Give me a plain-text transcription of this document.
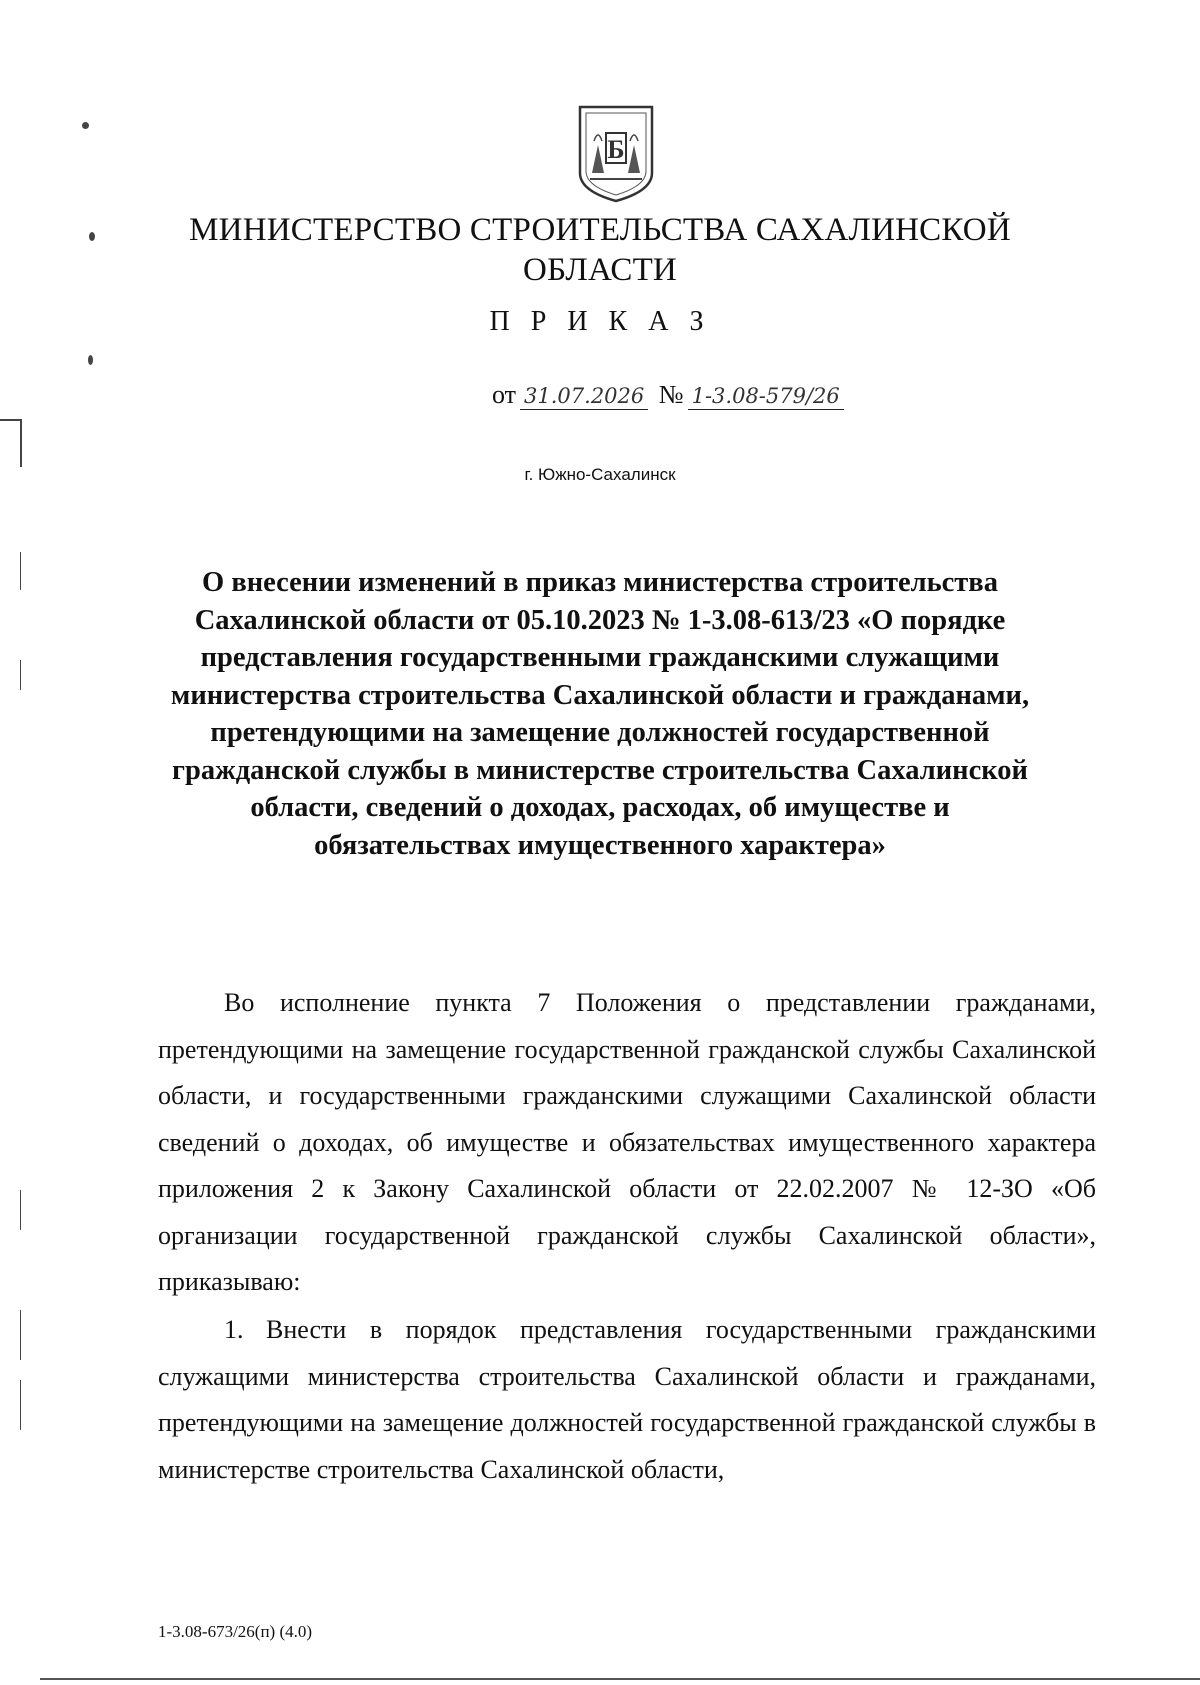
Б
МИНИСТЕРСТВО СТРОИТЕЛЬСТВА САХАЛИНСКОЙ
ОБЛАСТИ
П Р И К А З
от 31.07.2026 № 1-3.08-579/26
г. Южно-Сахалинск
О внесении изменений в приказ министерства строительства Сахалинской области от 05.10.2023 № 1-3.08-613/23 «О порядке представления государственными гражданскими служащими министерства строительства Сахалинской области и гражданами, претендующими на замещение должностей государственной гражданской службы в министерстве строительства Сахалинской области, сведений о доходах, расходах, об имуществе и обязательствах имущественного характера»

Во исполнение пункта 7 Положения о представлении гражданами, претендующими на замещение государственной гражданской службы Сахалинской области, и государственными гражданскими служащими Сахалинской области сведений о доходах, об имуществе и обязательствах имущественного характера приложения 2 к Закону Сахалинской области от 22.02.2007 № 12-ЗО «Об организации государственной гражданской службы Сахалинской области», приказываю:

1. Внести в порядок представления государственными гражданскими служащими министерства строительства Сахалинской области и гражданами, претендующими на замещение должностей государственной гражданской службы в министерстве строительства Сахалинской области,

1-3.08-673/26(п) (4.0)
